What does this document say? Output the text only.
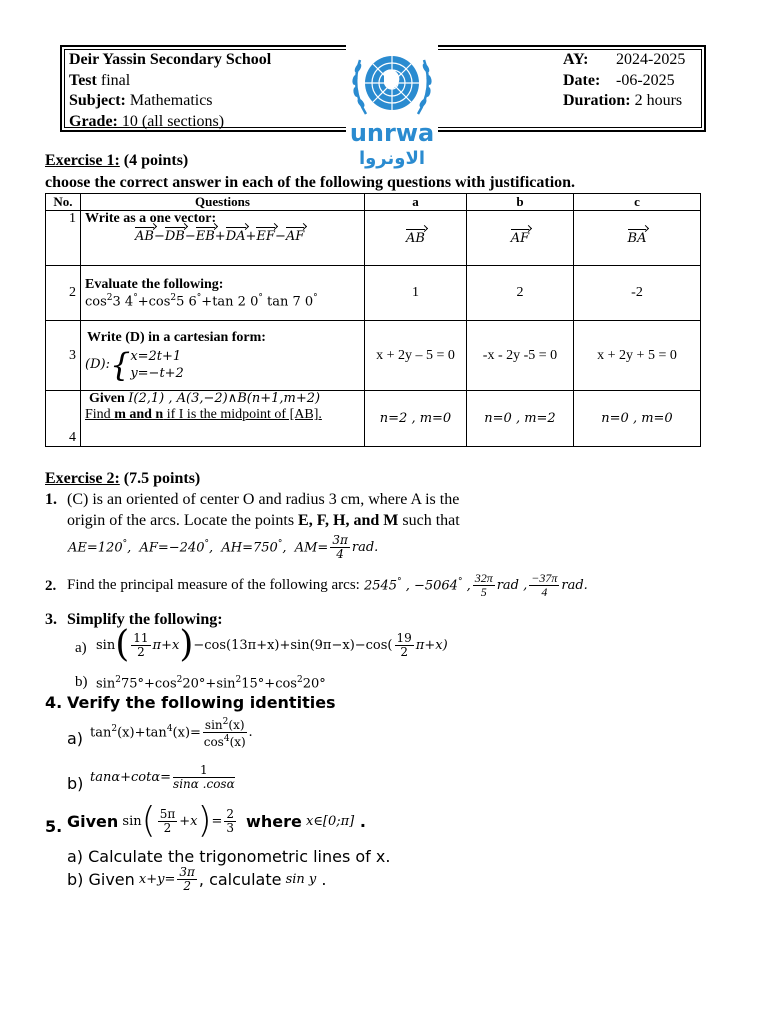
Deir Yassin Secondary School
Test final
Subject: Mathematics
Grade: 10 (all sections)
AY: 2024-2025
Date: -06-2025
Duration: 2 hours
unrwa
الاونروا
Exercise 1: (4 points)
choose the correct answer in each of the following questions with justification.
No.	Questions	a	b	c
1	Write as a one vector:
AB−DB−EB+DA+EF−AF	AB	AF	BA
2	Evaluate the following:
$\cos^23$ $4^\circ+\cos^25$ 6°+tan 2 0° tan 7 0°	1	2	-2
3	Write (D) in a cartesian form:
(D): { x=2t+1
y=−t+2	x + 2y – 5 = 0	-x - 2y -5 = 0	x + 2y + 5 = 0
4	Given I(2,1) , A(3,−2)∧B(n+1,m+2)
Find m and n if I is the midpoint of [AB].	n=2 , m=0	n=0 , m=2	n=0 , m=0
Exercise 2: (7.5 points)
1. (C) is an oriented of center O and radius 3 cm, where A is the
origin of the arcs. Locate the points E, F, H, and M such that
AE=120°,  AF=−240°,  AH=750°,  $AM= \frac{3\pi}{4}$ rad.
2. Find the principal measure of the following arcs: 2545° , −5064° , $\frac{32\pi}{5}$ rad , $\frac{-37\pi}{4}$ rad.
3. Simplify the following:
a) sin ( $\frac{11}{2} \pi+x$ ) $-\cos(13\pi+x)+\sin(9\pi-x)-\cos( \frac{19}{2} \pi+x)$
b) $\sin^275^\circ+\cos^220^\circ+\sin^215^\circ+\cos^220^\circ$
4. Verify the following identities
a) $\tan^2(x)+\tan^4(x)= \frac{\sin^2(x)}{\cos^4(x)}$ .
b) $\tan\alpha+\cot\alpha= \frac{1}{\sin\alpha .\cos\alpha}$
5. Given sin ( $\frac{5\pi}{2} +x$ ) = $\frac{2}{3}$ where x∈[0;π] .
a) Calculate the trigonometric lines of x.
b) Given $x+y= \frac{3\pi}{2}$ , calculate sin y .
